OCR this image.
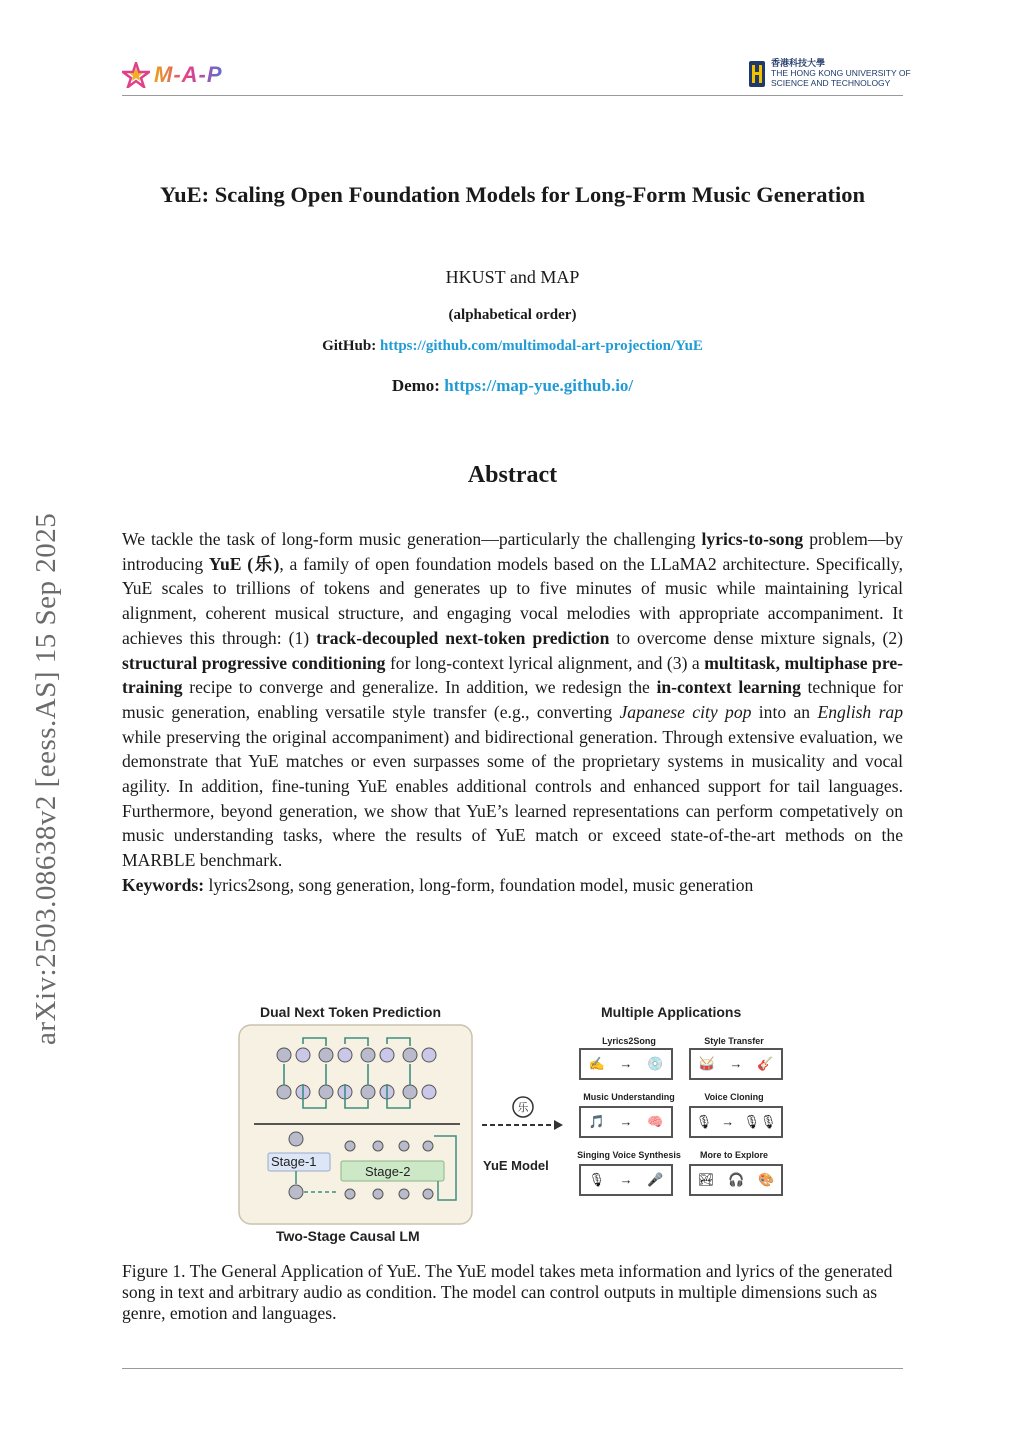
M-A-P	香港科技大學
THE HONG KONG UNIVERSITY OF
SCIENCE AND TECHNOLOGY
arXiv:2503.08638v2 [eess.AS] 15 Sep 2025
YuE: Scaling Open Foundation Models for Long-Form Music Generation
HKUST and MAP
(alphabetical order)
GitHub: https://github.com/multimodal-art-projection/YuE
Demo: https://map-yue.github.io/
Abstract
We tackle the task of long-form music generation—particularly the challenging lyrics-to-song problem—by introducing YuE (乐), a family of open foundation models based on the LLaMA2 architecture. Specifically, YuE scales to trillions of tokens and generates up to five minutes of music while maintaining lyrical alignment, coherent musical structure, and engaging vocal melodies with appropriate accompaniment. It achieves this through: (1) track-decoupled next-token prediction to overcome dense mixture signals, (2) structural progressive conditioning for long-context lyrical alignment, and (3) a multitask, multiphase pre-training recipe to converge and generalize. In addition, we redesign the in-context learning technique for music generation, enabling versatile style transfer (e.g., converting Japanese city pop into an English rap while preserving the original accompaniment) and bidirectional generation. Through extensive evaluation, we demonstrate that YuE matches or even surpasses some of the proprietary systems in musicality and vocal agility. In addition, fine-tuning YuE enables additional controls and enhanced support for tail languages. Furthermore, beyond generation, we show that YuE’s learned representations can perform competatively on music understanding tasks, where the results of YuE match or exceed state-of-the-art methods on the MARBLE benchmark.
Keywords: lyrics2song, song generation, long-form, foundation model, music generation
Dual Next Token Prediction
Stage-1
Stage-2
Two-Stage Causal LM
乐
YuE Model
Multiple Applications
Lyrics2Song	Style Transfer
✍ → 💿	🥁 → 🎸
Music Understanding	Voice Cloning
🎵 → 🧠 🎙 → 🎙🎙
Singing Voice Synthesis	More to Explore
🎙 → 🎤	🏞 🎧 🎨
Figure 1. The General Application of YuE. The YuE model takes meta information and lyrics of the generated song in text and arbitrary audio as condition. The model can control outputs in multiple dimensions such as genre, emotion and languages.
